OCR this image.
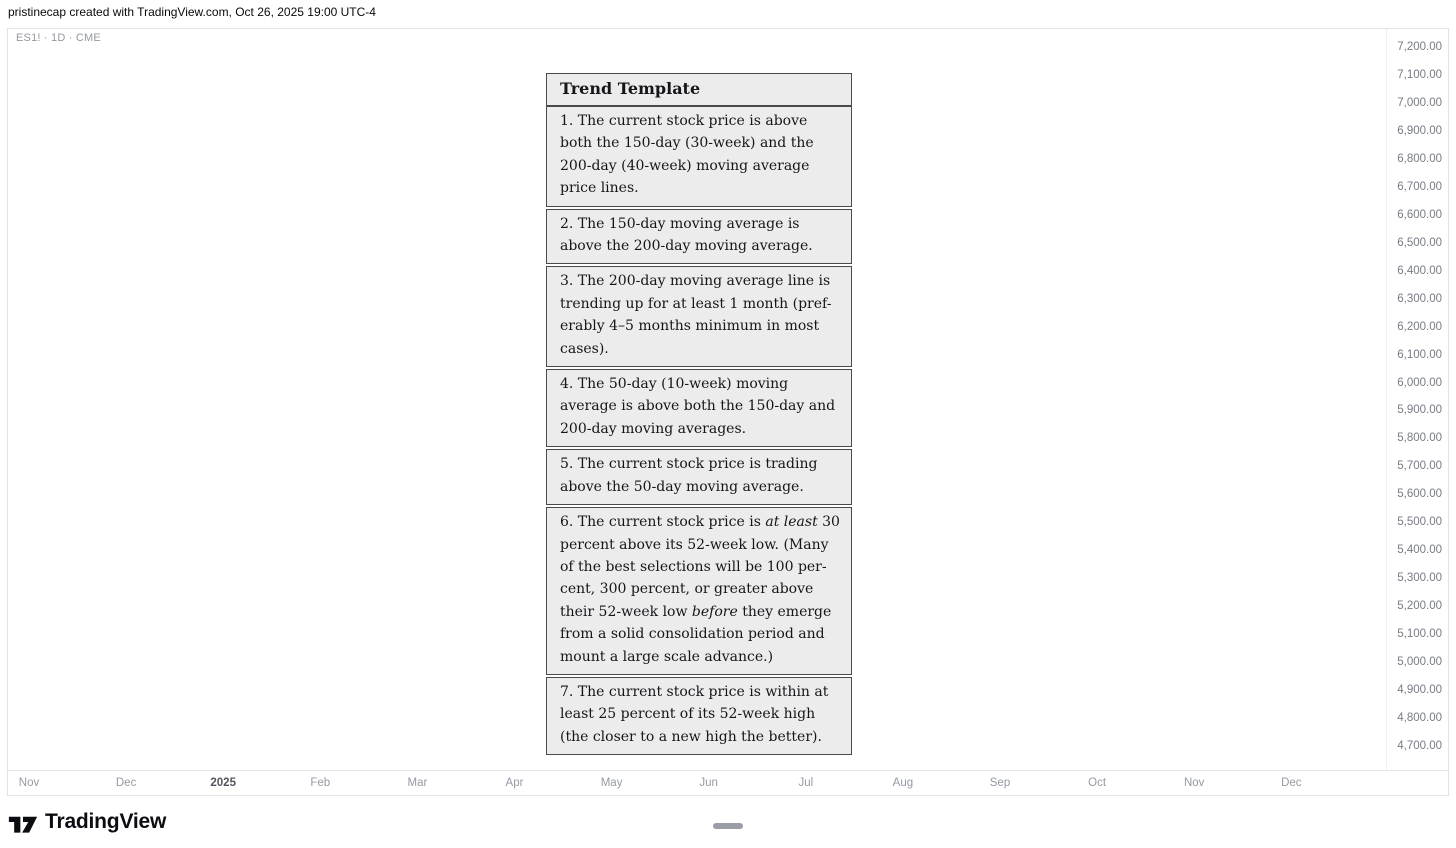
pristinecap created with TradingView.com, Oct 26, 2025 19:00 UTC-4
ES1! · 1D · CME
Trend Template
1. The current stock price is above
both the 150-day (30-week) and the
200-day (40-week) moving average
price lines.
2. The 150-day moving average is
above the 200-day moving average.
3. The 200-day moving average line is
trending up for at least 1 month (pref-
erably 4–5 months minimum in most
cases).
4. The 50-day (10-week) moving
average is above both the 150-day and
200-day moving averages.
5. The current stock price is trading
above the 50-day moving average.
6. The current stock price is at least 30
percent above its 52-week low. (Many
of the best selections will be 100 per-
cent, 300 percent, or greater above
their 52-week low before they emerge
from a solid consolidation period and
mount a large scale advance.)
7. The current stock price is within at
least 25 percent of its 52-week high
(the closer to a new high the better).
7,200.00
7,100.00
7,000.00
6,900.00
6,800.00
6,700.00
6,600.00
6,500.00
6,400.00
6,300.00
6,200.00
6,100.00
6,000.00
5,900.00
5,800.00
5,700.00
5,600.00
5,500.00
5,400.00
5,300.00
5,200.00
5,100.00
5,000.00
4,900.00
4,800.00
4,700.00
Nov	Dec	2025	Feb	Mar	Apr	May	Jun	Jul	Aug	Sep	Oct	Nov	Dec
TradingView
